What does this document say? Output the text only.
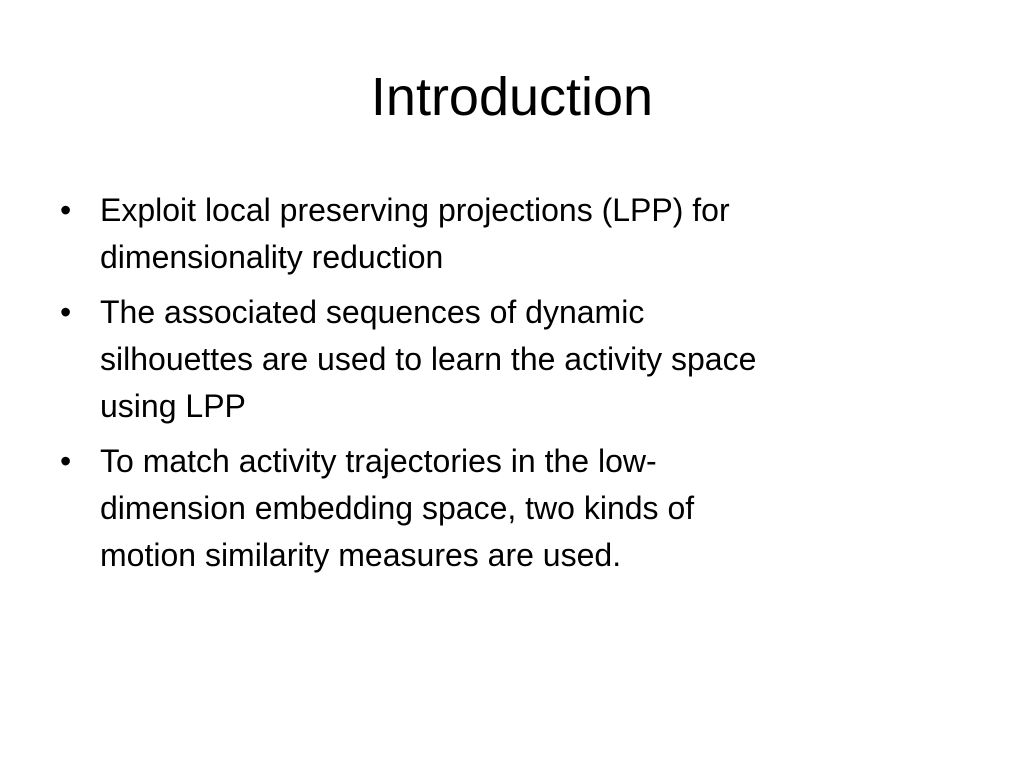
Introduction
• Exploit local preserving projections (LPP) for
dimensionality reduction
• The associated sequences of dynamic
silhouettes are used to learn the activity space
using LPP
• To match activity trajectories in the low-
dimension embedding space, two kinds of
motion similarity measures are used.
